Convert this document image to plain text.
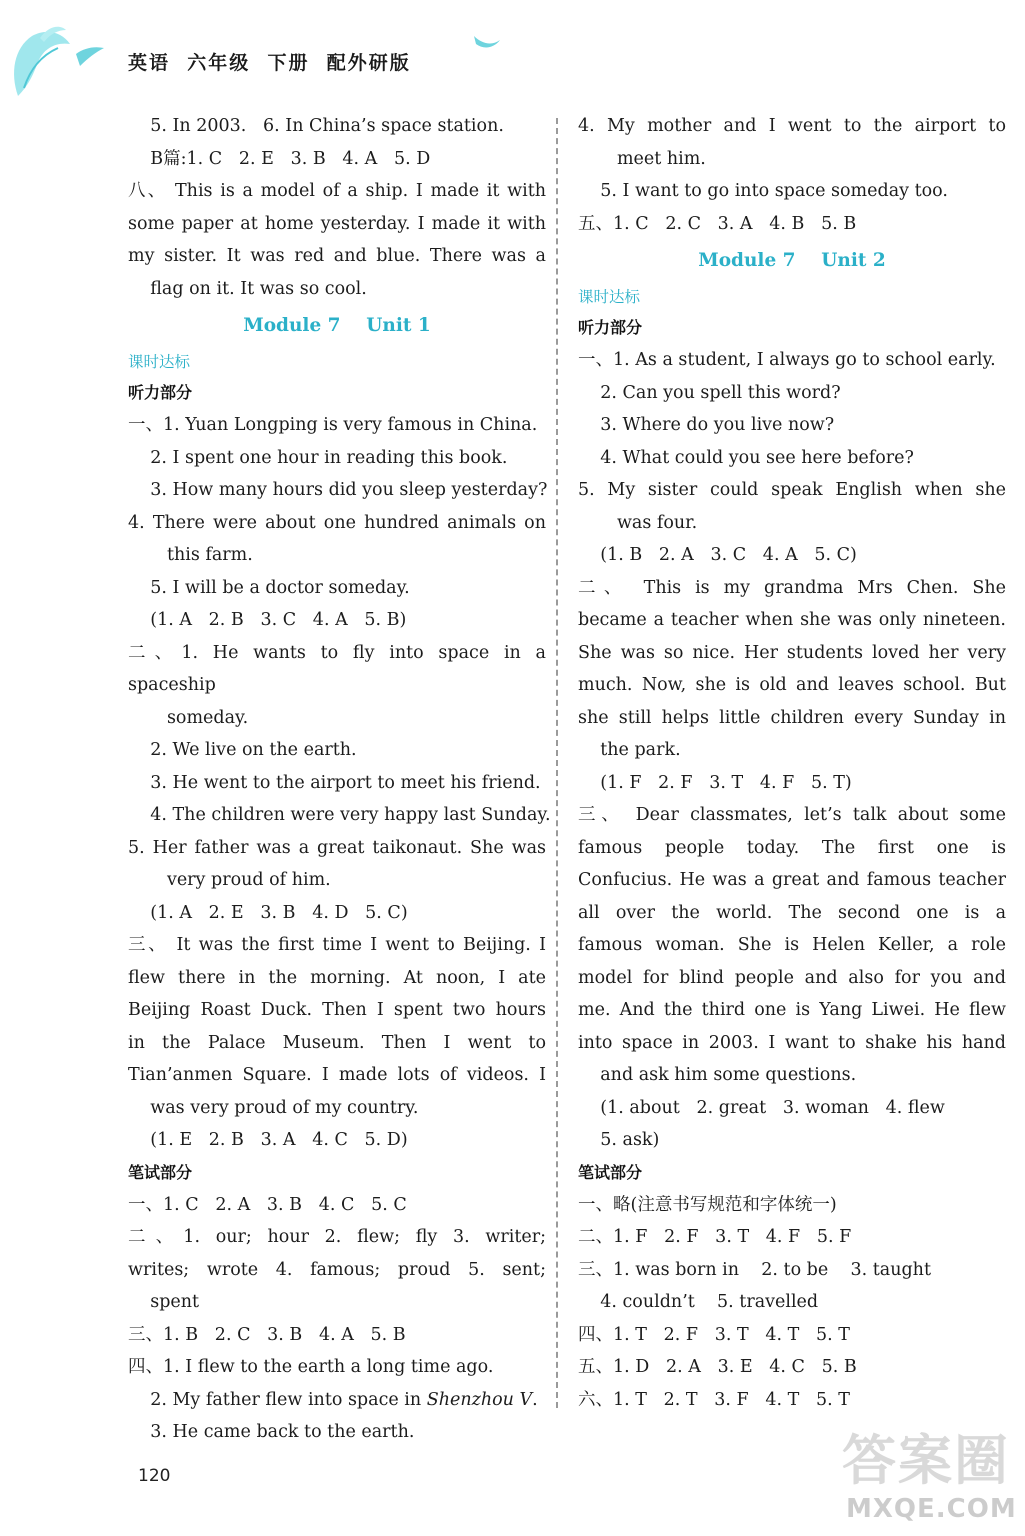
英语  六年级  下册  配外研版
5. In 2003.   6. In China’s space station.
B篇:1. C   2. E   3. B   4. A   5. D
八、 This is a model of a ship. I made it with
some paper at home yesterday. I made it with
my sister. It was red and blue. There was a
flag on it. It was so cool.
Module 7    Unit 1
课时达标
听力部分
一、1. Yuan Longping is very famous in China.
2. I spent one hour in reading this book.
3. How many hours did you sleep yesterday?
4. There were about one hundred animals on
this farm.
5. I will be a doctor someday.
(1. A   2. B   3. C   4. A   5. B)
二、1. He wants to fly into space in a spaceship
someday.
2. We live on the earth.
3. He went to the airport to meet his friend.
4. The children were very happy last Sunday.
5. Her father was a great taikonaut. She was
very proud of him.
(1. A   2. E   3. B   4. D   5. C)
三、 It was the first time I went to Beijing. I
flew there in the morning. At noon, I ate
Beijing Roast Duck. Then I spent two hours
in the Palace Museum. Then I went to
Tian’anmen Square. I made lots of videos. I
was very proud of my country.
(1. E   2. B   3. A   4. C   5. D)
笔试部分
一、1. C   2. A   3. B   4. C   5. C
二、1. our; hour 2. flew; fly 3. writer;
writes; wrote 4. famous; proud 5. sent;
spent
三、1. B   2. C   3. B   4. A   5. B
四、1. I flew to the earth a long time ago.
2. My father flew into space in Shenzhou V.
3. He came back to the earth.
4. My mother and I went to the airport to
meet him.
5. I want to go into space someday too.
五、1. C   2. C   3. A   4. B   5. B
Module 7    Unit 2
课时达标
听力部分
一、1. As a student, I always go to school early.
2. Can you spell this word?
3. Where do you live now?
4. What could you see here before?
5. My sister could speak English when she
was four.
(1. B   2. A   3. C   4. A   5. C)
二、 This is my grandma Mrs Chen. She
became a teacher when she was only nineteen.
She was so nice. Her students loved her very
much. Now, she is old and leaves school. But
she still helps little children every Sunday in
the park.
(1. F   2. F   3. T   4. F   5. T)
三、 Dear classmates, let’s talk about some
famous people today. The first one is
Confucius. He was a great and famous teacher
all over the world. The second one is a
famous woman. She is Helen Keller, a role
model for blind people and also for you and
me. And the third one is Yang Liwei. He flew
into space in 2003. I want to shake his hand
and ask him some questions.
(1. about   2. great   3. woman   4. flew
5. ask)
笔试部分
一、略(注意书写规范和字体统一)
二、1. F   2. F   3. T   4. F   5. F
三、1. was born in    2. to be    3. taught
4. couldn’t    5. travelled
四、1. T   2. F   3. T   4. T   5. T
五、1. D   2. A   3. E   4. C   5. B
六、1. T   2. T   3. F   4. T   5. T
120	答案圈
MXQE.COM
